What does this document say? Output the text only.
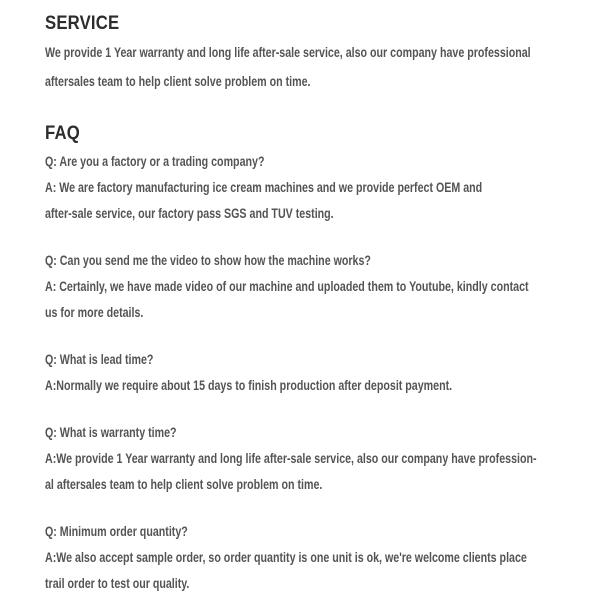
SERVICE
We provide 1 Year warranty and long life after-sale service, also our company have professional
aftersales team to help client solve problem on time.
FAQ
Q: Are you a factory or a trading company?
A: We are factory manufacturing ice cream machines and we provide perfect OEM and
after-sale service, our factory pass SGS and TUV testing.
Q: Can you send me the video to show how the machine works?
A: Certainly, we have made video of our machine and uploaded them to Youtube, kindly contact
us for more details.
Q: What is lead time?
A:Normally we require about 15 days to finish production after deposit payment.
Q: What is warranty time?
A:We provide 1 Year warranty and long life after-sale service, also our company have profession-
al aftersales team to help client solve problem on time.
Q: Minimum order quantity?
A:We also accept sample order, so order quantity is one unit is ok, we're welcome clients place
trail order to test our quality.
